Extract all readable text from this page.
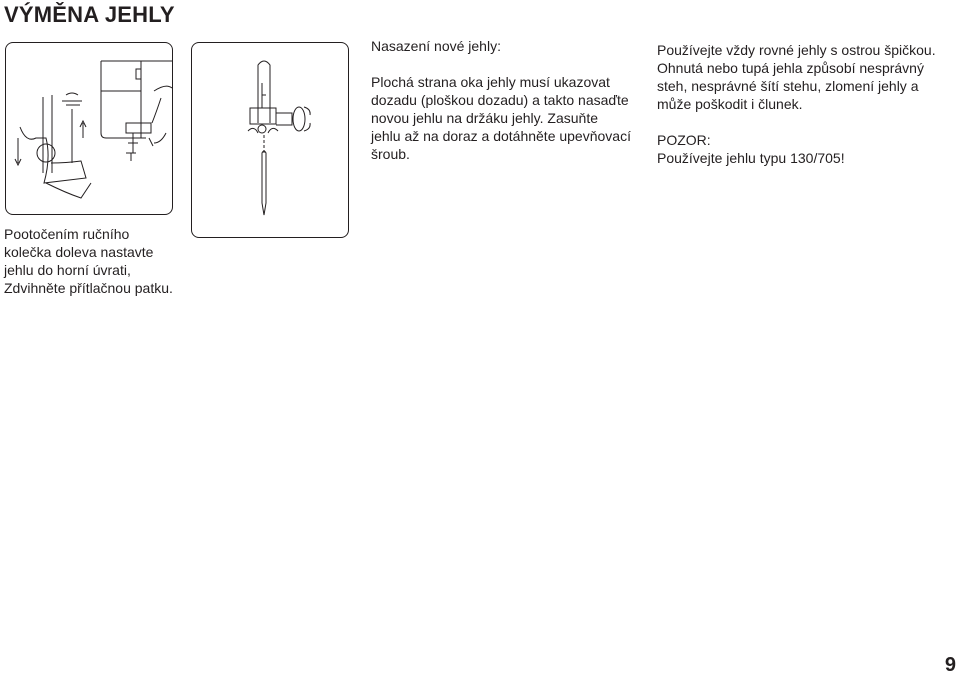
VÝMĚNA JEHLY
Pootočením ručního
kolečka doleva nastavte
jehlu do horní úvrati,
Zdvihněte přítlačnou patku.
Nasazení nové jehly:
Plochá strana oka jehly musí ukazovat
dozadu (ploškou dozadu) a takto nasaďte
novou jehlu na držáku jehly. Zasuňte
jehlu až na doraz a dotáhněte upevňovací
šroub.
Používejte vždy rovné jehly s ostrou špičkou.
Ohnutá nebo tupá jehla způsobí nesprávný
steh, nesprávné šítí stehu, zlomení jehly a
může poškodit i člunek.
POZOR:
Používejte jehlu typu 130/705!
9
